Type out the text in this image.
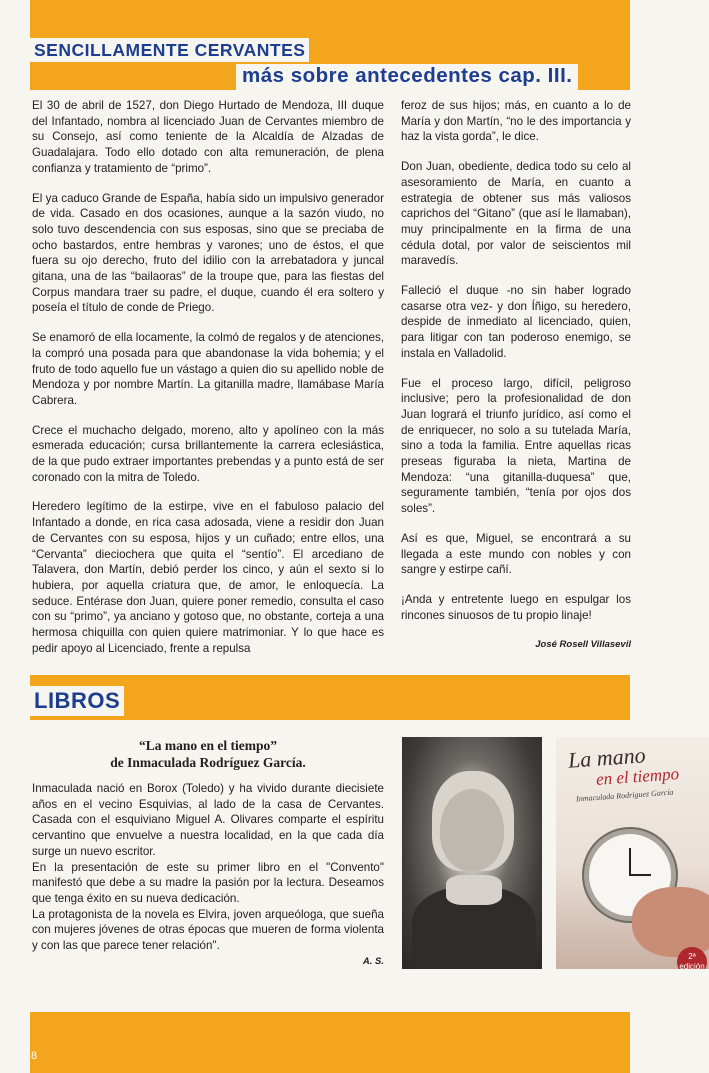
SENCILLAMENTE CERVANTES
más sobre antecedentes cap. III.

El 30 de abril de 1527, don Diego Hurtado de Mendoza, III duque del Infantado, nombra al licenciado Juan de Cervantes miembro de su Consejo, así como teniente de la Alcaldía de Alzadas de Guadalajara. Todo ello dotado con alta remuneración, de plena confianza y tratamiento de “primo”.

El ya caduco Grande de España, había sido un impulsivo generador de vida. Casado en dos ocasiones, aunque a la sazón viudo, no solo tuvo descendencia con sus esposas, sino que se preciaba de ocho bastardos, entre hembras y varones; uno de éstos, el que fuera su ojo derecho, fruto del idilio con la arrebatadora y juncal gitana, una de las “bailaoras” de la troupe que, para las fiestas del Corpus mandara traer su padre, el duque, cuando él era soltero y poseía el título de conde de Priego.

Se enamoró de ella locamente, la colmó de regalos y de atenciones, la compró una posada para que abandonase la vida bohemia; y el fruto de todo aquello fue un vástago a quien dio su apellido noble de Mendoza y por nombre Martín. La gitanilla madre, llamábase María Cabrera.

Crece el muchacho delgado, moreno, alto y apolíneo con la más esmerada educación; cursa brillantemente la carrera eclesiástica, de la que pudo extraer importantes prebendas y a punto está de ser coronado con la mitra de Toledo.

Heredero legítimo de la estirpe, vive en el fabuloso palacio del Infantado a donde, en rica casa adosada, viene a residir don Juan de Cervantes con su esposa, hijos y un cuñado; entre ellos, una “Cervanta” dieciochera que quita el “sentío”. El arcediano de Talavera, don Martín, debió perder los cinco, y aún el sexto si lo hubiera, por aquella criatura que, de amor, le enloquecía. La seduce. Entérase don Juan, quiere poner remedio, consulta el caso con su “primo”, ya anciano y gotoso que, no obstante, corteja a una hermosa chiquilla con quien quiere matrimoniar. Y lo que hace es pedir apoyo al Licenciado, frente a repulsa

feroz de sus hijos; más, en cuanto a lo de María y don Martín, “no le des importancia y haz la vista gorda”, le dice.

Don Juan, obediente, dedica todo su celo al asesoramiento de María, en cuanto a estrategia de obtener sus más valiosos caprichos del “Gitano” (que así le llamaban), muy principalmente en la firma de una cédula dotal, por valor de seiscientos mil maravedís.

Falleció el duque -no sin haber logrado casarse otra vez- y don Íñigo, su heredero, despide de inmediato al licenciado, quien, para litigar con tan poderoso enemigo, se instala en Valladolid.

Fue el proceso largo, difícil, peligroso inclusive; pero la profesionalidad de don Juan logrará el triunfo jurídico, así como el de enriquecer, no solo a su tutelada María, sino a toda la familia. Entre aquellas ricas preseas figuraba la nieta, Martina de Mendoza: “una gitanilla-duquesa” que, seguramente también, “tenía por ojos dos soles”.

Así es que, Miguel, se encontrará a su llegada a este mundo con nobles y con sangre y estirpe cañí.

¡Anda y entretente luego en espulgar los rincones sinuosos de tu propio linaje!

José Rosell Villasevil
LIBROS
“La mano en el tiempo”
de Inmaculada Rodríguez García.

Inmaculada nació en Borox (Toledo) y ha vivido durante diecisiete años en el vecino Esquivias, al lado de la casa de Cervantes. Casada con el esquiviano Miguel A. Olivares comparte el espíritu cervantino que envuelve a nuestra localidad, en la que cada día surge un nuevo escritor.

En la presentación de este su primer libro en el "Convento" manifestó que debe a su madre la pasión por la lectura. Deseamos que tenga éxito en su nueva dedicación.

La protagonista de la novela es Elvira, joven arqueóloga, que sueña con mujeres jóvenes de otras épocas que mueren de forma violenta y con las que parece tener relación".

A. S.
La mano
en el tiempo
Inmaculada Rodríguez García
2ª edición
8
